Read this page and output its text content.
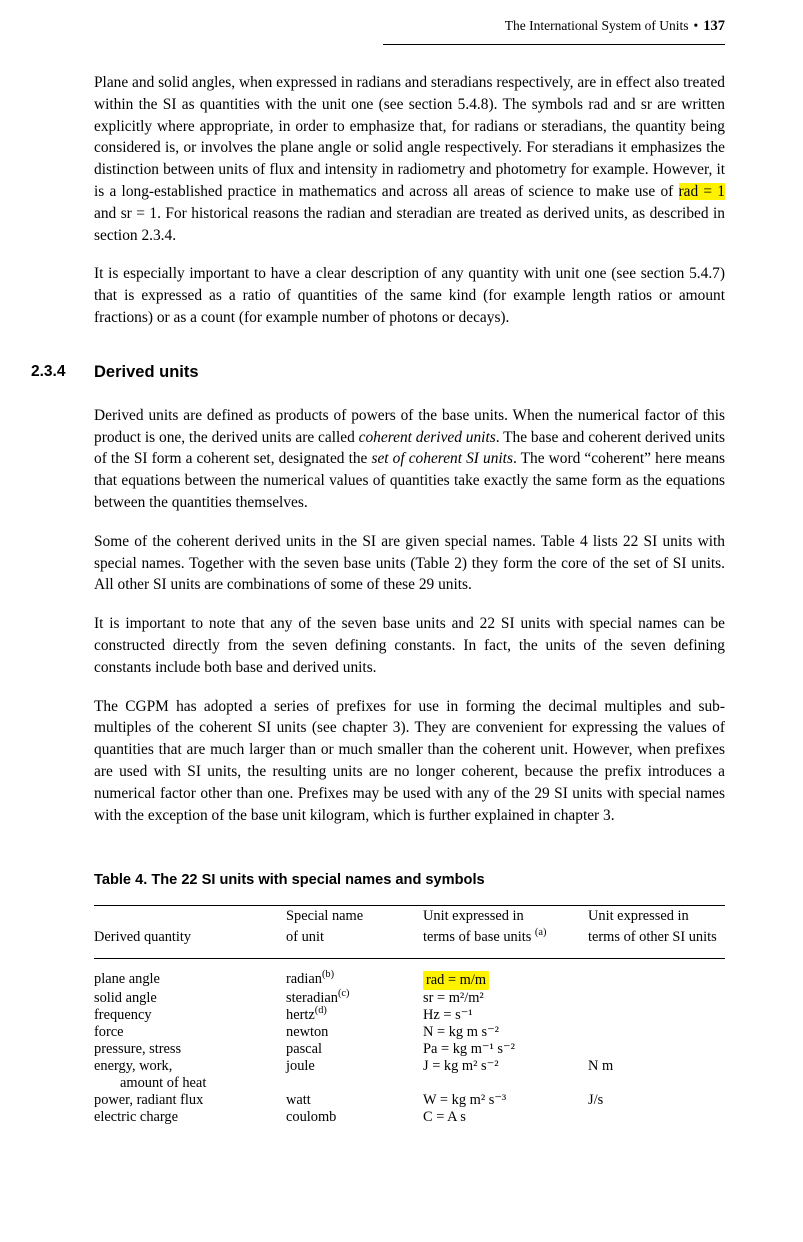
The International System of Units • 137

Plane and solid angles, when expressed in radians and steradians respectively, are in effect also treated within the SI as quantities with the unit one (see section 5.4.8). The symbols rad and sr are written explicitly where appropriate, in order to emphasize that, for radians or steradians, the quantity being considered is, or involves the plane angle or solid angle respectively. For steradians it emphasizes the distinction between units of flux and intensity in radiometry and photometry for example. However, it is a long-established practice in mathematics and across all areas of science to make use of rad = 1 and sr = 1. For historical reasons the radian and steradian are treated as derived units, as described in section 2.3.4.

It is especially important to have a clear description of any quantity with unit one (see section 5.4.7) that is expressed as a ratio of quantities of the same kind (for example length ratios or amount fractions) or as a count (for example number of photons or decays).

2.3.4 Derived units

Derived units are defined as products of powers of the base units. When the numerical factor of this product is one, the derived units are called coherent derived units. The base and coherent derived units of the SI form a coherent set, designated the set of coherent SI units. The word “coherent” here means that equations between the numerical values of quantities take exactly the same form as the equations between the quantities themselves.

Some of the coherent derived units in the SI are given special names. Table 4 lists 22 SI units with special names. Together with the seven base units (Table 2) they form the core of the set of SI units. All other SI units are combinations of some of these 29 units.

It is important to note that any of the seven base units and 22 SI units with special names can be constructed directly from the seven defining constants. In fact, the units of the seven defining constants include both base and derived units.

The CGPM has adopted a series of prefixes for use in forming the decimal multiples and sub-multiples of the coherent SI units (see chapter 3). They are convenient for expressing the values of quantities that are much larger than or much smaller than the coherent unit. However, when prefixes are used with SI units, the resulting units are no longer coherent, because the prefix introduces a numerical factor other than one. Prefixes may be used with any of the 29 SI units with special names with the exception of the base unit kilogram, which is further explained in chapter 3.

Table 4. The 22 SI units with special names and symbols
	Special name	Unit expressed in	Unit expressed in
Derived quantity	of unit	terms of base units $^{(a)}$	terms of other SI units
plane angle	radian$^{(b)}$	rad = m/m	
solid angle	steradian$^{(c)}$	sr = m²/m²	
frequency	hertz$^{(d)}$	Hz = s⁻¹	
force	newton	N = kg m s⁻²	
pressure, stress	pascal	Pa = kg m⁻¹ s⁻²	
energy, work,
amount of heat	joule	J = kg m² s⁻²	N m
power, radiant flux	watt	W = kg m² s⁻³	J/s
electric charge	coulomb	C = A s	
